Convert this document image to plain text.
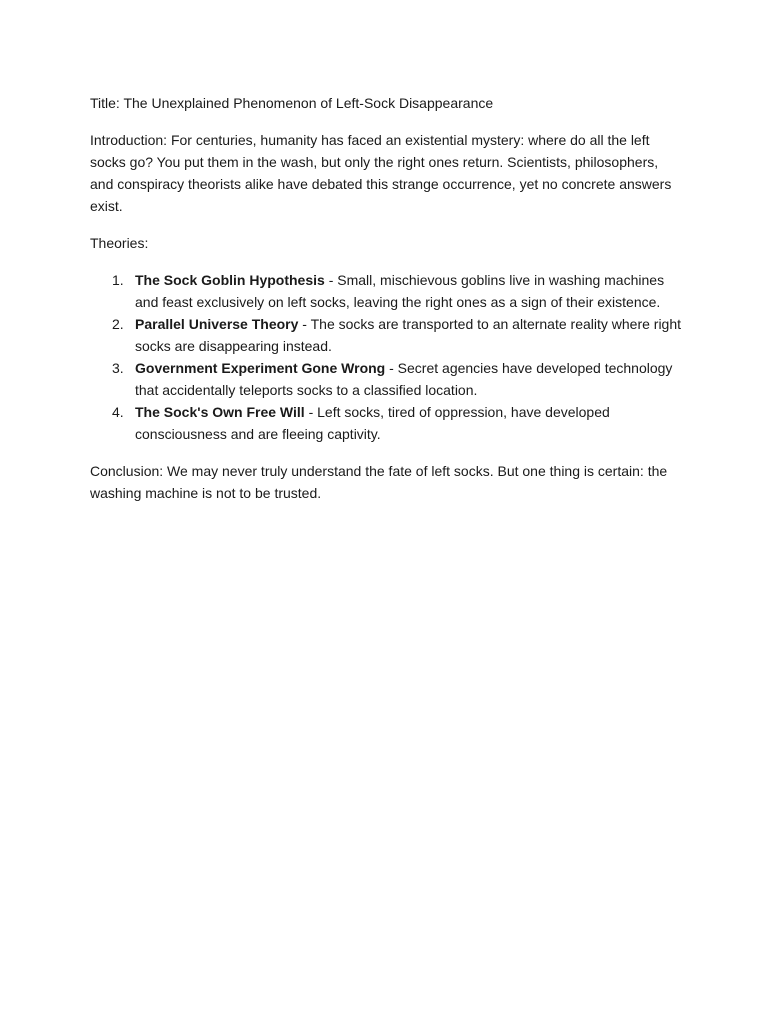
Title: The Unexplained Phenomenon of Left-Sock Disappearance

Introduction: For centuries, humanity has faced an existential mystery: where do all the left socks go? You put them in the wash, but only the right ones return. Scientists, philosophers, and conspiracy theorists alike have debated this strange occurrence, yet no concrete answers exist.

Theories:

1. The Sock Goblin Hypothesis - Small, mischievous goblins live in washing machines and feast exclusively on left socks, leaving the right ones as a sign of their existence.
2. Parallel Universe Theory - The socks are transported to an alternate reality where right socks are disappearing instead.
3. Government Experiment Gone Wrong - Secret agencies have developed technology that accidentally teleports socks to a classified location.
4. The Sock's Own Free Will - Left socks, tired of oppression, have developed consciousness and are fleeing captivity.

Conclusion: We may never truly understand the fate of left socks. But one thing is certain: the washing machine is not to be trusted.
